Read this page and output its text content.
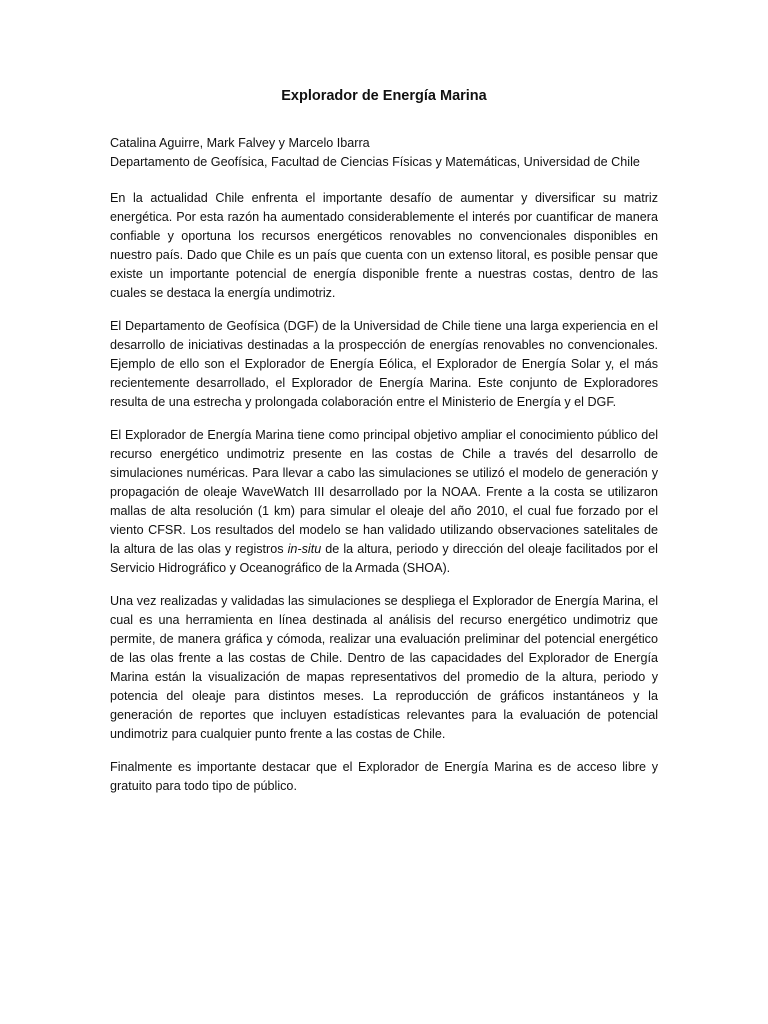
Explorador de Energía Marina

Catalina Aguirre, Mark Falvey y Marcelo Ibarra

Departamento de Geofísica, Facultad de Ciencias Físicas y Matemáticas, Universidad de Chile

En la actualidad Chile enfrenta el importante desafío de aumentar y diversificar su matriz energética. Por esta razón ha aumentado considerablemente el interés por cuantificar de manera confiable y oportuna los recursos energéticos renovables no convencionales disponibles en nuestro país. Dado que Chile es un país que cuenta con un extenso litoral, es posible pensar que existe un importante potencial de energía disponible frente a nuestras costas, dentro de las cuales se destaca la energía undimotriz.

El Departamento de Geofísica (DGF) de la Universidad de Chile tiene una larga experiencia en el desarrollo de iniciativas destinadas a la prospección de energías renovables no convencionales. Ejemplo de ello son el Explorador de Energía Eólica, el Explorador de Energía Solar y, el más recientemente desarrollado, el Explorador de Energía Marina. Este conjunto de Exploradores resulta de una estrecha y prolongada colaboración entre el Ministerio de Energía y el DGF.

El Explorador de Energía Marina tiene como principal objetivo ampliar el conocimiento público del recurso energético undimotriz presente en las costas de Chile a través del desarrollo de simulaciones numéricas. Para llevar a cabo las simulaciones se utilizó el modelo de generación y propagación de oleaje WaveWatch III desarrollado por la NOAA. Frente a la costa se utilizaron mallas de alta resolución (1 km) para simular el oleaje del año 2010, el cual fue forzado por el viento CFSR. Los resultados del modelo se han validado utilizando observaciones satelitales de la altura de las olas y registros in-situ de la altura, periodo y dirección del oleaje facilitados por el Servicio Hidrográfico y Oceanográfico de la Armada (SHOA).

Una vez realizadas y validadas las simulaciones se despliega el Explorador de Energía Marina, el cual es una herramienta en línea destinada al análisis del recurso energético undimotriz que permite, de manera gráfica y cómoda, realizar una evaluación preliminar del potencial energético de las olas frente a las costas de Chile. Dentro de las capacidades del Explorador de Energía Marina están la visualización de mapas representativos del promedio de la altura, periodo y potencia del oleaje para distintos meses. La reproducción de gráficos instantáneos y la generación de reportes que incluyen estadísticas relevantes para la evaluación de potencial undimotriz para cualquier punto frente a las costas de Chile.

Finalmente es importante destacar que el Explorador de Energía Marina es de acceso libre y gratuito para todo tipo de público.
